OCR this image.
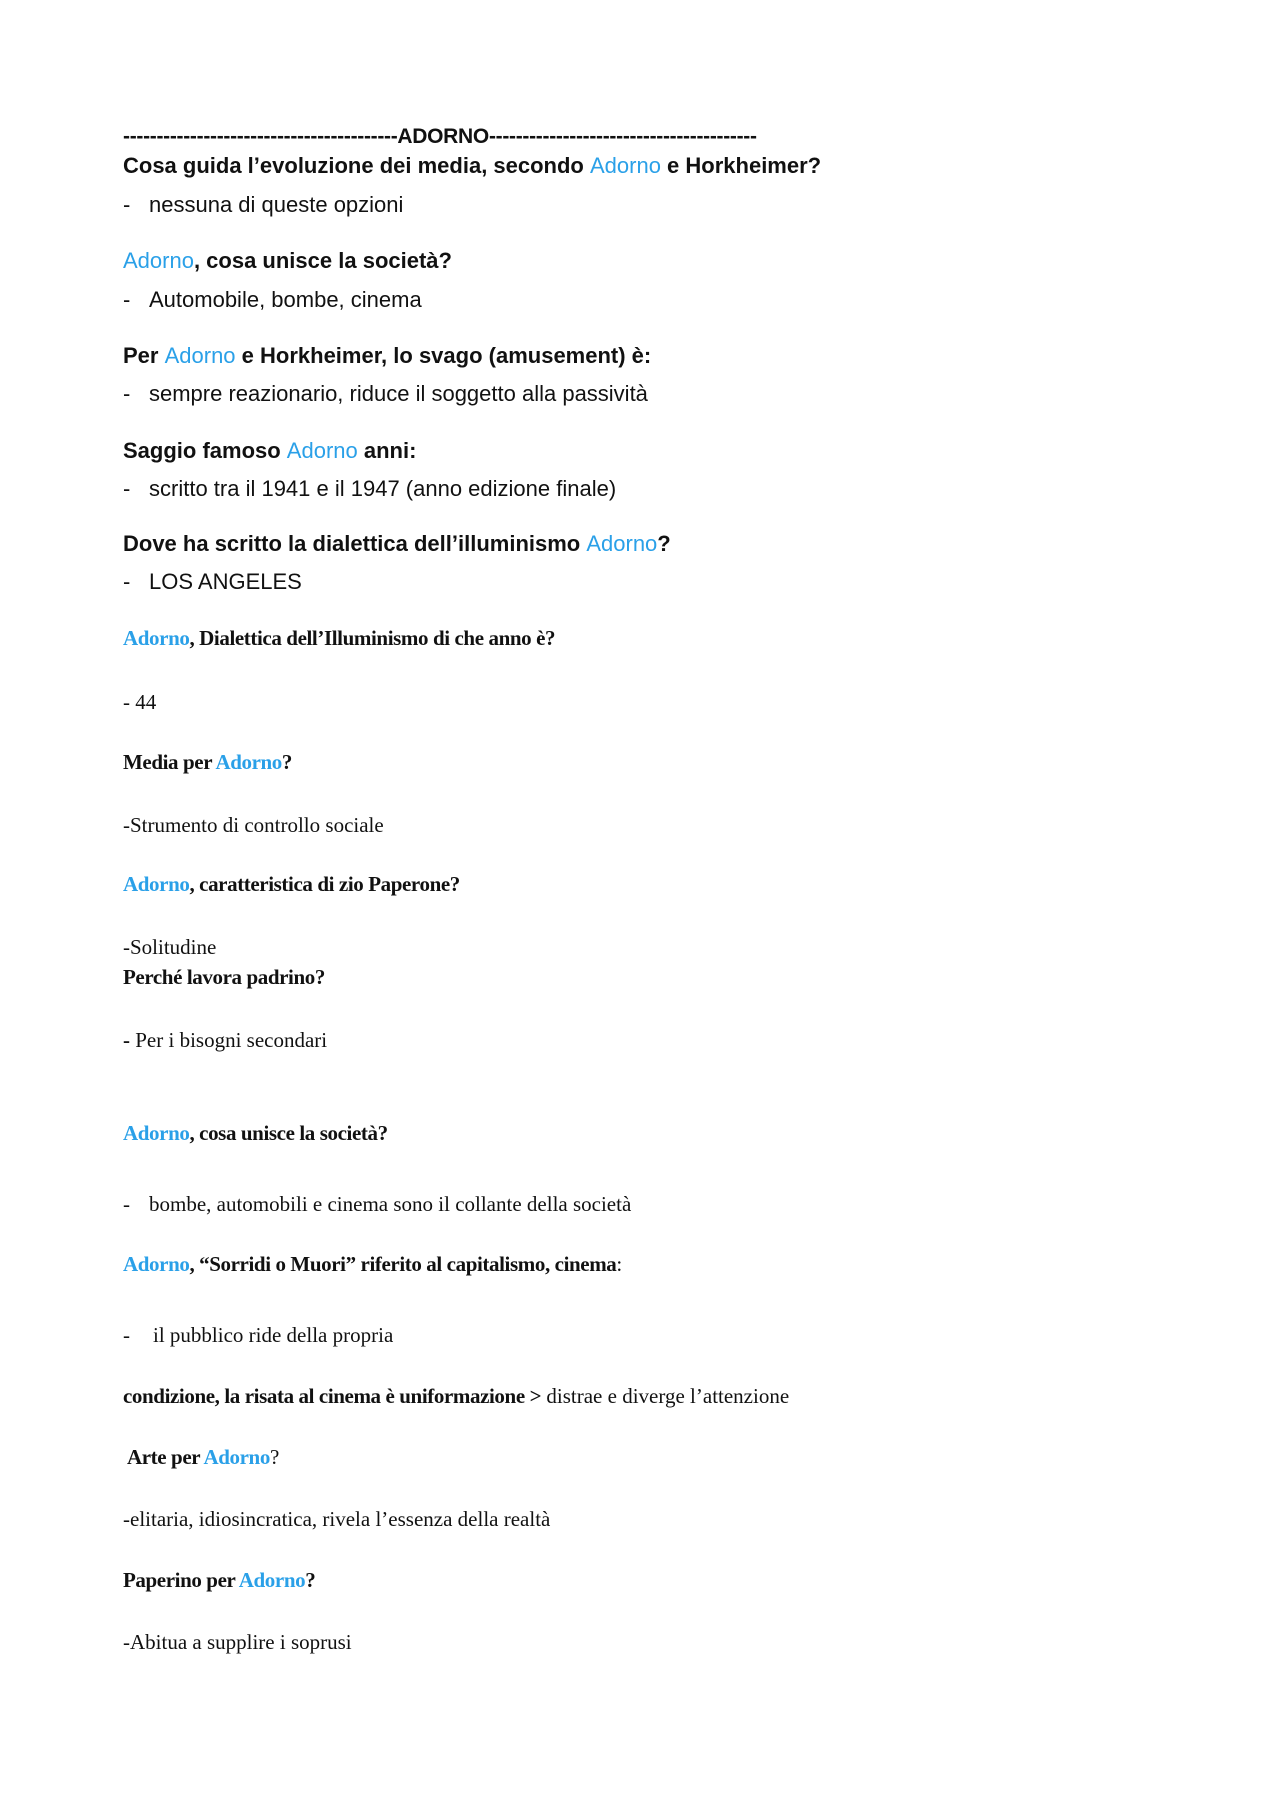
-----------------------------------------ADORNO----------------------------------------
Cosa guida l’evoluzione dei media, secondo Adorno e Horkheimer?
- nessuna di queste opzioni
Adorno, cosa unisce la società?
- Automobile, bombe, cinema
Per Adorno e Horkheimer, lo svago (amusement) è:
- sempre reazionario, riduce il soggetto alla passività
Saggio famoso Adorno anni:
- scritto tra il 1941 e il 1947 (anno edizione finale)
Dove ha scritto la dialettica dell’illuminismo Adorno?
- LOS ANGELES
Adorno, Dialettica dell’Illuminismo di che anno è?
- 44
Media per Adorno?
-Strumento di controllo sociale
Adorno, caratteristica di zio Paperone?
-Solitudine
Perché lavora padrino?
- Per i bisogni secondari
Adorno, cosa unisce la società?
- bombe, automobili e cinema sono il collante della società
Adorno, “Sorridi o Muori” riferito al capitalismo, cinema:
- il pubblico ride della propria
condizione, la risata al cinema è uniformazione > distrae e diverge l’attenzione
Arte per Adorno?
-elitaria, idiosincratica, rivela l’essenza della realtà
Paperino per Adorno?
-Abitua a supplire i soprusi
